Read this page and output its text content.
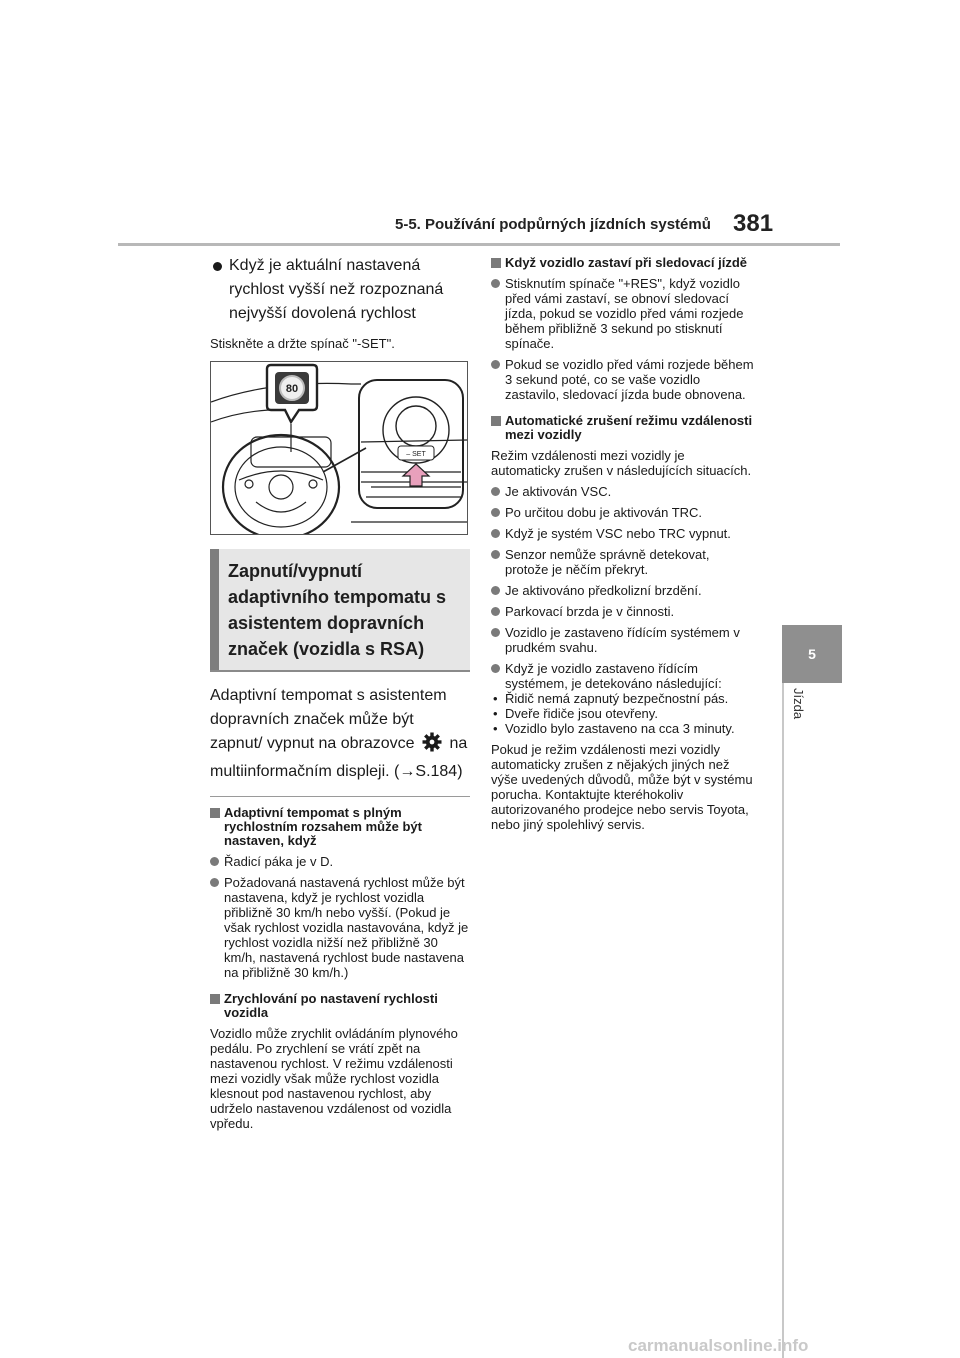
5-5. Používání podpůrných jízdních systémů 381
5
Jízda
Když je aktuální nastavená rychlost vyšší než rozpoznaná nejvyšší dovolená rychlost

Stiskněte a držte spínač "-SET".

– SET
80
Zapnutí/vypnutí adaptivního tempomatu s asistentem dopravních značek (vozidla s RSA)
Adaptivní tempomat s asistentem dopravních značek může být zapnut/ vypnut na obrazovce na multiinformačním displeji. (→S.184)
Adaptivní tempomat s plným rychlostním rozsahem může být nastaven, když
Řadicí páka je v D.
Požadovaná nastavená rychlost může být nastavena, když je rychlost vozidla přibližně 30 km/h nebo vyšší. (Pokud je však rychlost vozidla nastavována, když je rychlost vozidla nižší než přibližně 30 km/h, nastavená rychlost bude nastavena na přibližně 30 km/h.)
Zrychlování po nastavení rychlosti vozidla
Vozidlo může zrychlit ovládáním plynového pedálu. Po zrychlení se vrátí zpět na nastavenou rychlost. V režimu vzdálenosti mezi vozidly však může rychlost vozidla klesnout pod nastavenou rychlost, aby udrželo nastavenou vzdálenost od vozidla vpředu.
Když vozidlo zastaví při sledovací jízdě
Stisknutím spínače "+RES", když vozidlo před vámi zastaví, se obnoví sledovací jízda, pokud se vozidlo před vámi rozjede během přibližně 3 sekund po stisknutí spínače.
Pokud se vozidlo před vámi rozjede během 3 sekund poté, co se vaše vozidlo zastavilo, sledovací jízda bude obnovena.
Automatické zrušení režimu vzdálenosti mezi vozidly
Režim vzdálenosti mezi vozidly je automaticky zrušen v následujících situacích.
Je aktivován VSC.
Po určitou dobu je aktivován TRC.
Když je systém VSC nebo TRC vypnut.
Senzor nemůže správně detekovat, protože je něčím překryt.
Je aktivováno předkolizní brzdění.
Parkovací brzda je v činnosti.
Vozidlo je zastaveno řídícím systémem v prudkém svahu.
Když je vozidlo zastaveno řídícím systémem, je detekováno následující:
• Řidič nemá zapnutý bezpečnostní pás.
• Dveře řidiče jsou otevřeny.
• Vozidlo bylo zastaveno na cca 3 minuty.
Pokud je režim vzdálenosti mezi vozidly automaticky zrušen z nějakých jiných než výše uvedených důvodů, může být v systému porucha. Kontaktujte kteréhokoliv autorizovaného prodejce nebo servis Toyota, nebo jiný spolehlivý servis.
carmanualsonline.info
